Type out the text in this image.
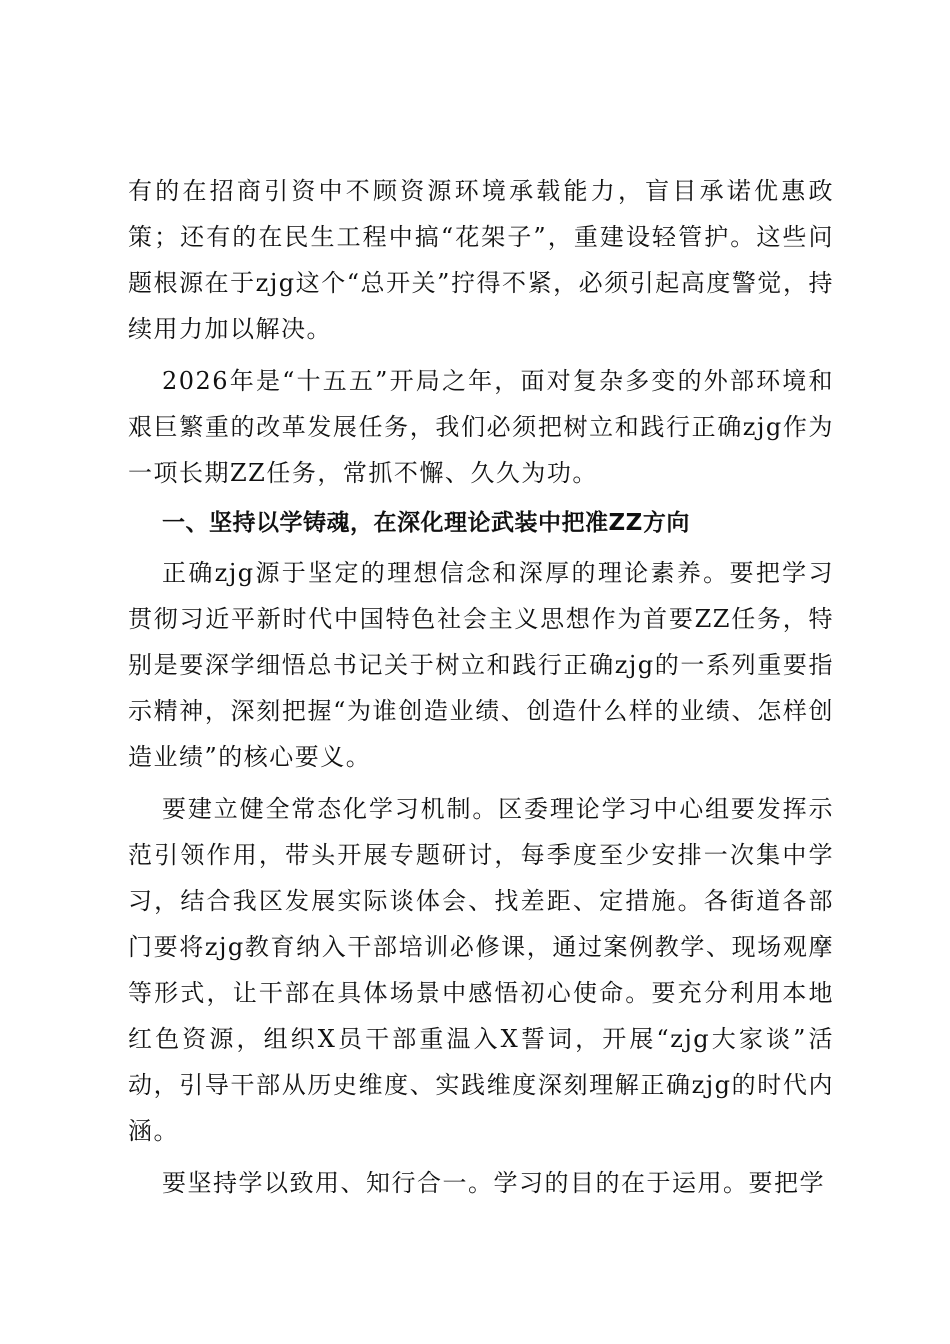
有的在招商引资中不顾资源环境承载能力，盲目承诺优惠政策；还有的在民生工程中搞“花架子”，重建设轻管护。这些问题根源在于zjg这个“总开关”拧得不紧，必须引起高度警觉，持续用力加以解决。

2026年是“十五五”开局之年，面对复杂多变的外部环境和艰巨繁重的改革发展任务，我们必须把树立和践行正确zjg作为一项长期ZZ任务，常抓不懈、久久为功。

一、坚持以学铸魂，在深化理论武装中把准ZZ方向

正确zjg源于坚定的理想信念和深厚的理论素养。要把学习贯彻习近平新时代中国特色社会主义思想作为首要ZZ任务，特别是要深学细悟总书记关于树立和践行正确zjg的一系列重要指示精神，深刻把握“为谁创造业绩、创造什么样的业绩、怎样创造业绩”的核心要义。

要建立健全常态化学习机制。区委理论学习中心组要发挥示范引领作用，带头开展专题研讨，每季度至少安排一次集中学习，结合我区发展实际谈体会、找差距、定措施。各街道各部门要将zjg教育纳入干部培训必修课，通过案例教学、现场观摩等形式，让干部在具体场景中感悟初心使命。要充分利用本地红色资源，组织X员干部重温入X誓词，开展“zjg大家谈”活动，引导干部从历史维度、实践维度深刻理解正确zjg的时代内涵。

要坚持学以致用、知行合一。学习的目的在于运用。要把学
